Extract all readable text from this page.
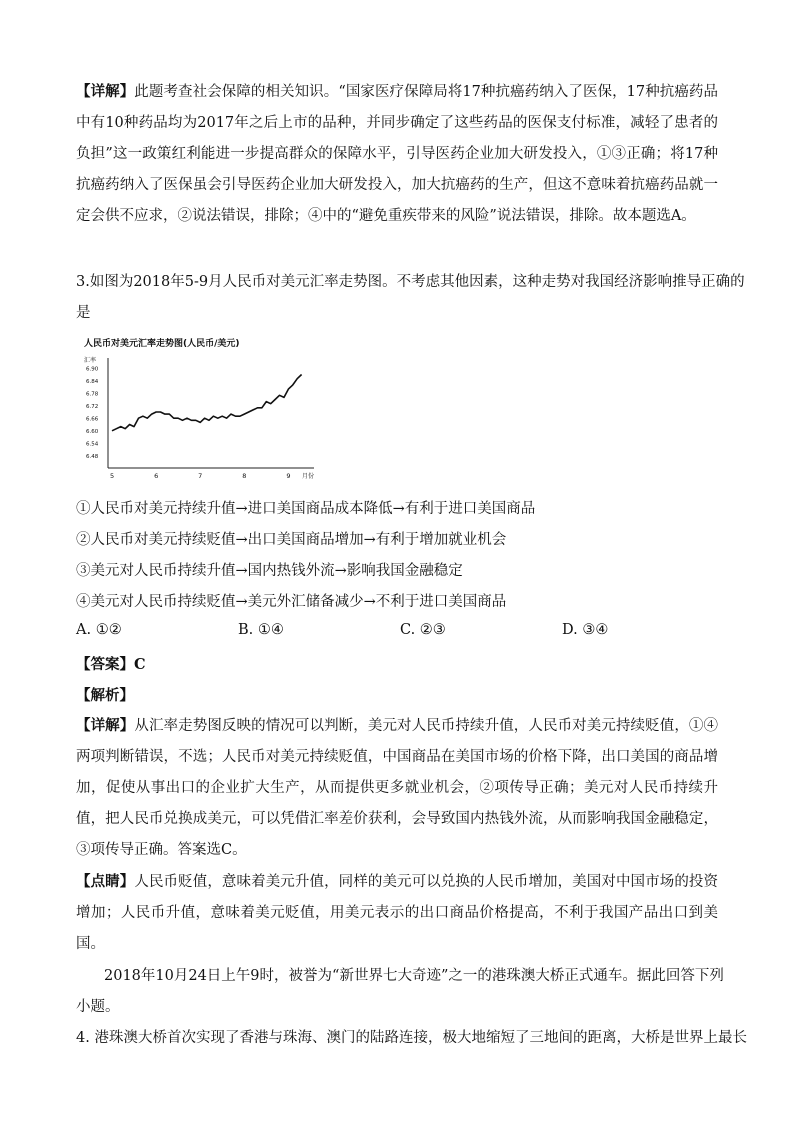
【详解】此题考查社会保障的相关知识。“国家医疗保障局将17种抗癌药纳入了医保，17种抗癌药品中有10种药品均为2017年之后上市的品种，并同步确定了这些药品的医保支付标准，减轻了患者的负担”这一政策红利能进一步提高群众的保障水平，引导医药企业加大研发投入，①③正确；将17种抗癌药纳入了医保虽会引导医药企业加大研发投入，加大抗癌药的生产，但这不意味着抗癌药品就一定会供不应求，②说法错误，排除；④中的“避免重疾带来的风险”说法错误，排除。故本题选A。
3.如图为2018年5-9月人民币对美元汇率走势图。不考虑其他因素，这种走势对我国经济影响推导正确的
是
人民币对美元汇率走势图(人民币/美元)
汇率
6.90
6.84
6.78
6.72
6.66
6.60
6.54
6.48
5	6	7	8	9 月份
①人民币对美元持续升值→进口美国商品成本降低→有利于进口美国商品
②人民币对美元持续贬值→出口美国商品增加→有利于增加就业机会
③美元对人民币持续升值→国内热钱外流→影响我国金融稳定
④美元对人民币持续贬值→美元外汇储备减少→不利于进口美国商品
A. ①②	B. ①④	C. ②③	D. ③④
【答案】C
【解析】
【详解】从汇率走势图反映的情况可以判断，美元对人民币持续升值，人民币对美元持续贬值，①④两项判断错误，不选；人民币对美元持续贬值，中国商品在美国市场的价格下降，出口美国的商品增加，促使从事出口的企业扩大生产，从而提供更多就业机会，②项传导正确；美元对人民币持续升值，把人民币兑换成美元，可以凭借汇率差价获利，会导致国内热钱外流，从而影响我国金融稳定，③项传导正确。答案选C。
【点睛】人民币贬值，意味着美元升值，同样的美元可以兑换的人民币增加，美国对中国市场的投资增加；人民币升值，意味着美元贬值，用美元表示的出口商品价格提高，不利于我国产品出口到美国。
2018年10月24日上午9时，被誉为“新世界七大奇迹”之一的港珠澳大桥正式通车。据此回答下列
小题。
4. 港珠澳大桥首次实现了香港与珠海、澳门的陆路连接，极大地缩短了三地间的距离，大桥是世界上最长
